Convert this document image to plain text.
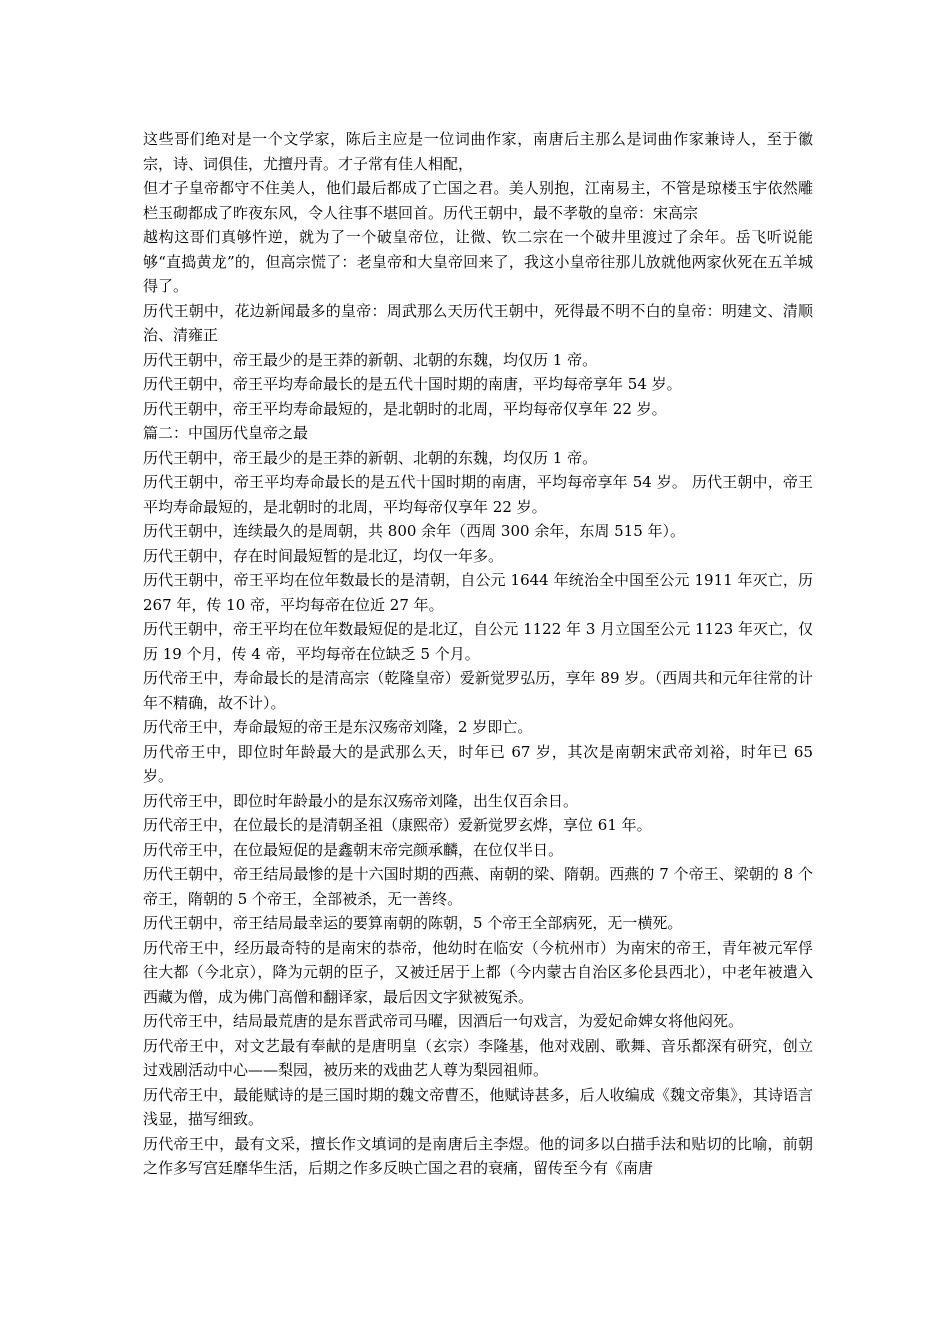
这些哥们绝对是一个文学家，陈后主应是一位词曲作家，南唐后主那么是词曲作家兼诗人，至于徽宗，诗、词俱佳，尤擅丹青。才子常有佳人相配，

但才子皇帝都守不住美人，他们最后都成了亡国之君。美人别抱，江南易主，不管是琼楼玉宇依然雕栏玉砌都成了昨夜东风，令人往事不堪回首。历代王朝中，最不孝敬的皇帝：宋高宗

越构这哥们真够忤逆，就为了一个破皇帝位，让微、钦二宗在一个破井里渡过了余年。岳飞听说能够“直捣黄龙”的，但高宗慌了：老皇帝和大皇帝回来了，我这小皇帝往那儿放就他两家伙死在五羊城得了。

历代王朝中，花边新闻最多的皇帝：周武那么天历代王朝中，死得最不明不白的皇帝：明建文、清顺治、清雍正

历代王朝中，帝王最少的是王莽的新朝、北朝的东魏，均仅历 1 帝。

历代王朝中，帝王平均寿命最长的是五代十国时期的南唐，平均每帝享年 54 岁。

历代王朝中，帝王平均寿命最短的，是北朝时的北周，平均每帝仅享年 22 岁。

篇二：中国历代皇帝之最

历代王朝中，帝王最少的是王莽的新朝、北朝的东魏，均仅历 1 帝。

历代王朝中，帝王平均寿命最长的是五代十国时期的南唐，平均每帝享年 54 岁。 历代王朝中，帝王平均寿命最短的，是北朝时的北周，平均每帝仅享年 22 岁。

历代王朝中，连续最久的是周朝，共 800 余年（西周 300 余年，东周 515 年）。

历代王朝中，存在时间最短暂的是北辽，均仅一年多。

历代王朝中，帝王平均在位年数最长的是清朝，自公元 1644 年统治全中国至公元 1911 年灭亡，历 267 年，传 10 帝，平均每帝在位近 27 年。

历代王朝中，帝王平均在位年数最短促的是北辽，自公元 1122 年 3 月立国至公元 1123 年灭亡，仅历 19 个月，传 4 帝，平均每帝在位缺乏 5 个月。

历代帝王中，寿命最长的是清高宗（乾隆皇帝）爱新觉罗弘历，享年 89 岁。（西周共和元年往常的计年不精确，故不计）。

历代帝王中，寿命最短的帝王是东汉殇帝刘隆，2 岁即亡。

历代帝王中，即位时年龄最大的是武那么天，时年已 67 岁，其次是南朝宋武帝刘裕，时年已 65 岁。

历代帝王中，即位时年龄最小的是东汉殇帝刘隆，出生仅百余日。

历代帝王中，在位最长的是清朝圣祖（康熙帝）爱新觉罗玄烨，享位 61 年。

历代帝王中，在位最短促的是鑫朝末帝完颜承麟，在位仅半日。

历代王朝中，帝王结局最惨的是十六国时期的西燕、南朝的梁、隋朝。西燕的 7 个帝王、梁朝的 8 个帝王，隋朝的 5 个帝王，全部被杀，无一善终。

历代王朝中，帝王结局最幸运的要算南朝的陈朝，5 个帝王全部病死，无一横死。

历代帝王中，经历最奇特的是南宋的恭帝，他幼时在临安（今杭州市）为南宋的帝王，青年被元军俘往大都（今北京），降为元朝的臣子，又被迁居于上都（今内蒙古自治区多伦县西北），中老年被遣入西藏为僧，成为佛门高僧和翻译家，最后因文字狱被冤杀。

历代帝王中，结局最荒唐的是东晋武帝司马曜，因酒后一句戏言，为爱妃命婢女将他闷死。

历代帝王中，对文艺最有奉献的是唐明皇（玄宗）李隆基，他对戏剧、歌舞、音乐都深有研究，创立过戏剧活动中心——梨园，被历来的戏曲艺人尊为梨园祖师。

历代帝王中，最能赋诗的是三国时期的魏文帝曹丕，他赋诗甚多，后人收编成《魏文帝集》，其诗语言浅显，描写细致。

历代帝王中，最有文采，擅长作文填词的是南唐后主李煜。他的词多以白描手法和贴切的比喻，前朝之作多写宫廷靡华生活，后期之作多反映亡国之君的衰痛，留传至今有《南唐
